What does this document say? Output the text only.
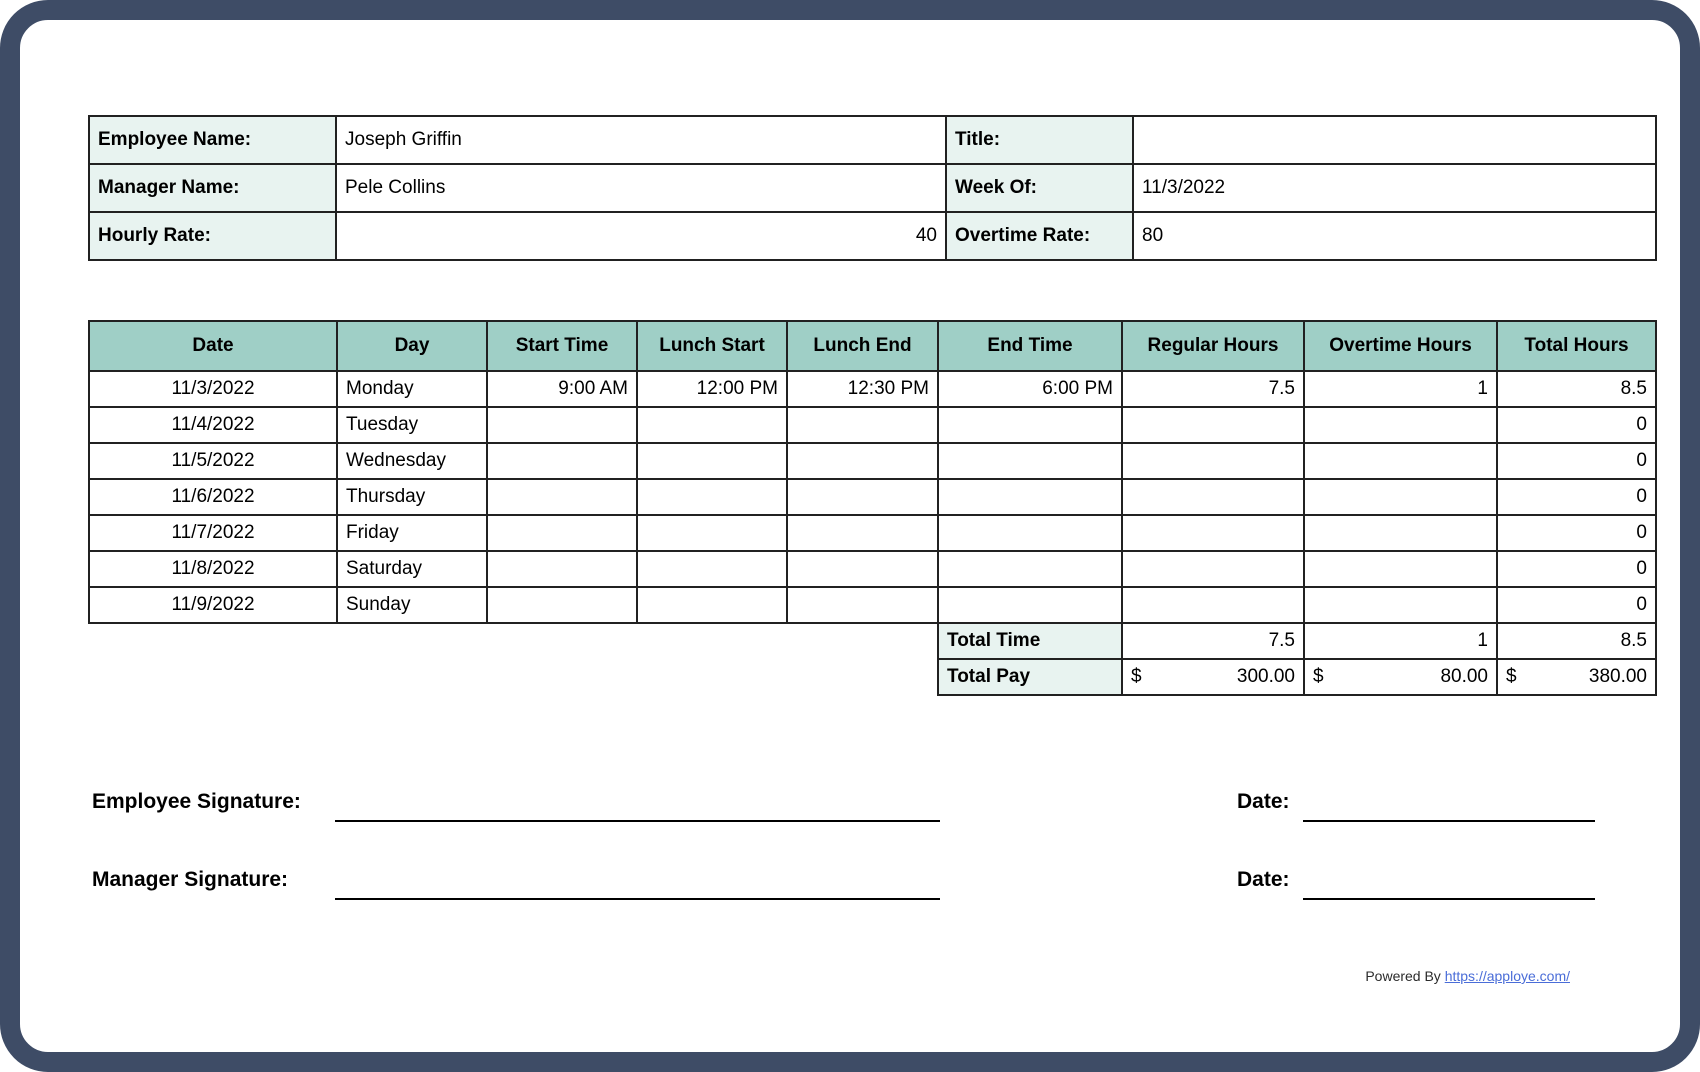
Employee Name:	Joseph Griffin	Title:	
Manager Name:	Pele Collins	Week Of:	11/3/2022
Hourly Rate:	40	Overtime Rate:	80
Date	Day	Start Time	Lunch Start	Lunch End	End Time	Regular Hours	Overtime Hours	Total Hours
11/3/2022	Monday	9:00 AM	12:00 PM	12:30 PM	6:00 PM	7.5	1	8.5
11/4/2022	Tuesday							0
11/5/2022	Wednesday							0
11/6/2022	Thursday							0
11/7/2022	Friday							0
11/8/2022	Saturday							0
11/9/2022	Sunday							0
					Total Time	7.5	1	8.5
					Total Pay	$ 300.00	$ 80.00	$ 380.00
Employee Signature:	Date:
Manager Signature:	Date:
Powered By https://apploye.com/
